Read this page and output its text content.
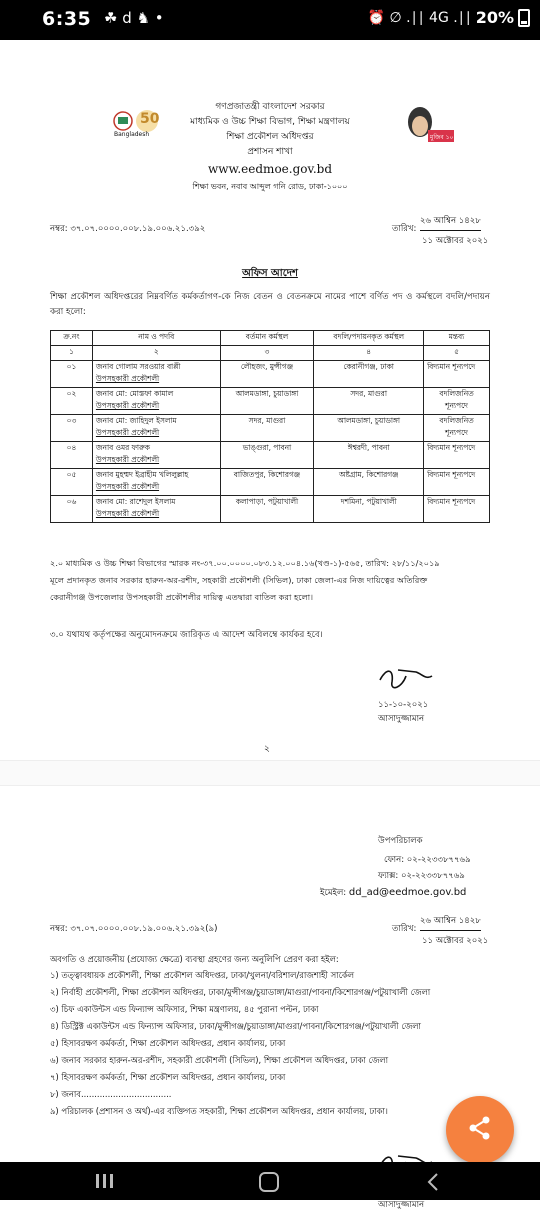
6:35 ☘ d ♞ •	⏰ ∅ .∣∣ 4G .∣∣ 20%
Bangladesh
50
মুজিব ১০০
গণপ্রজাতন্ত্রী বাংলাদেশ সরকার
মাধ্যমিক ও উচ্চ শিক্ষা বিভাগ, শিক্ষা মন্ত্রণালয়
শিক্ষা প্রকৌশল অধিদপ্তর
প্রশাসন শাখা
www.eedmoe.gov.bd
শিক্ষা ভবন, নবাব আব্দুল গনি রোড, ঢাকা-১০০০
নম্বর: ৩৭.০৭.০০০০.০০৮.১৯.০০৬.২১.৩৯২	তারিখ:
২৬ আশ্বিন ১৪২৮
১১ অক্টোবর ২০২১
অফিস আদেশ
শিক্ষা প্রকৌশল অধিদপ্তরের নিম্নবর্ণিত কর্মকর্তাগণ-কে নিজ বেতন ও বেতনক্রমে নামের পাশে বর্ণিত পদ ও কর্মস্থলে বদলি/পদায়ন করা হলো:
ক্র.নং	নাম ও পদবি	বর্তমান কর্মস্থল	বদলি/পদায়নকৃত কর্মস্থল	মন্তব্য
১	২	৩	৪	৫
০১	জনাব গোলাম সরওয়ার বাপ্পী
উপসহকারী প্রকৌশলী	লৌহজং, মুন্সীগঞ্জ	কেরানীগঞ্জ, ঢাকা	বিদ্যমান শূন্যপদে
০২	জনাব মো: মোস্তফা কামাল
উপসহকারী প্রকৌশলী	আলমডাঙ্গা, চুয়াডাঙ্গা	সদর, মাগুরা	বদলিজনিত শূন্যপদে
০৩	জনাব মো: জাহিদুল ইসলাম
উপসহকারী প্রকৌশলী	সদর, মাগুরা	আলমডাঙ্গা, চুয়াডাঙ্গা	বদলিজনিত শূন্যপদে
০৪	জনাব ওমর ফারুক
উপসহকারী প্রকৌশলী	ভাঙ্গুরা, পাবনা	ঈশ্বরদী, পাবনা	বিদ্যমান শূন্যপদে
০৫	জনাব মুহম্মদ ইব্রাহীম খলিলুল্লাহ
উপসহকারী প্রকৌশলী	বাজিতপুর, কিশোরগঞ্জ	অষ্টগ্রাম, কিশোরগঞ্জ	বিদ্যমান শূন্যপদে
০৬	জনাব মো: রাশেদুল ইসলাম
উপসহকারী প্রকৌশলী	কলাপাড়া, পটুয়াখালী	দশমিনা, পটুয়াখালী	বিদ্যমান শূন্যপদে
২.০ মাধ্যমিক ও উচ্চ শিক্ষা বিভাগের স্মারক নং-৩৭.০০.০০০০.০৮৩.১২.০০৪.১৬(খণ্ড-১)-৫৬৫, তারিখ: ২৮/১১/২০১৯
মূলে প্রদানকৃত জনাব সরকার হারুন-অর-রশীদ, সহকারী প্রকৌশলী (সিভিল), ঢাকা জেলা-এর নিজ দায়িত্বের অতিরিক্ত
কেরানীগঞ্জ উপজেলার উপসহকারী প্রকৌশলীর দায়িত্ব এতদ্বারা বাতিল করা হলো।
৩.০ যথাযথ কর্তৃপক্ষের অনুমোদনক্রমে জারিকৃত এ আদেশ অবিলম্বে কার্যকর হবে।
১১-১০-২০২১
আসাদুজ্জামান
২
উপপরিচালক
ফোন: ০২-২২৩৩৮৭৭৬৯
ফ্যাক্স: ০২-২২৩৩৮৭৭৬৯
ইমেইল: dd_ad@eedmoe.gov.bd
নম্বর: ৩৭.০৭.০০০০.০০৮.১৯.০০৬.২১.৩৯২(৯)	তারিখ:
২৬ আশ্বিন ১৪২৮
১১ অক্টোবর ২০২১
অবগতি ও প্রয়োজনীয় (প্রযোজ্য ক্ষেত্রে) ব্যবস্থা গ্রহণের জন্য অনুলিপি প্রেরণ করা হইল:
১) তত্ত্বাবধায়ক প্রকৌশলী, শিক্ষা প্রকৌশল অধিদপ্তর, ঢাকা/খুলনা/বরিশাল/রাজশাহী সার্কেল
২) নির্বাহী প্রকৌশলী, শিক্ষা প্রকৌশল অধিদপ্তর, ঢাকা/মুন্সীগঞ্জ/চুয়াডাঙ্গা/মাগুরা/পাবনা/কিশোরগঞ্জ/পটুয়াখালী জেলা
৩) চিফ একাউন্টস এন্ড ফিন্যান্স অফিসার, শিক্ষা মন্ত্রণালয়, ৪৫ পুরানা পল্টন, ঢাকা
৪) ডিস্ট্রিক্ট একাউন্টস এন্ড ফিন্যান্স অফিসার, ঢাকা/মুন্সীগঞ্জ/চুয়াডাঙ্গা/মাগুরা/পাবনা/কিশোরগঞ্জ/পটুয়াখালী জেলা
৫) হিসাবরক্ষণ কর্মকর্তা, শিক্ষা প্রকৌশল অধিদপ্তর, প্রধান কার্যালয়, ঢাকা
৬) জনাব সরকার হারুন-অর-রশীদ, সহকারী প্রকৌশলী (সিভিল), শিক্ষা প্রকৌশল অধিদপ্তর, ঢাকা জেলা
৭) হিসাবরক্ষণ কর্মকর্তা, শিক্ষা প্রকৌশল অধিদপ্তর, প্রধান কার্যালয়, ঢাকা
৮) জনাব..................................
৯) পরিচালক (প্রশাসন ও অর্থ)-এর ব্যক্তিগত সহকারী, শিক্ষা প্রকৌশল অধিদপ্তর, প্রধান কার্যালয়, ঢাকা।
আসাদুজ্জামান
